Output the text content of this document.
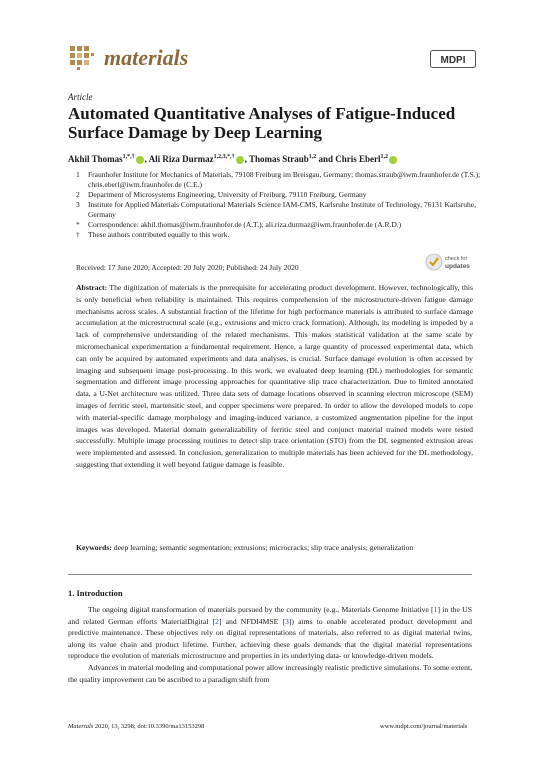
materials	MDPI
Article
Automated Quantitative Analyses of Fatigue-Induced Surface Damage by Deep Learning
Akhil Thomas$^{1,*,\dagger}$ , Ali Riza Durmaz$^{1,2,3,*,\dagger}$ , Thomas Straub$^{1,2}$ and Chris Eberl$^{1,2}$
1	Fraunhofer Institute for Mechanics of Materials, 79108 Freiburg im Breisgau, Germany; thomas.straub@iwm.fraunhofer.de (T.S.); chris.eberl@iwm.fraunhofer.de (C.E.)
2	Department of Microsystems Engineering, University of Freiburg, 79110 Freiburg, Germany
3	Institute for Applied Materials Computational Materials Science IAM-CMS, Karlsruhe Institute of Technology, 76131 Karlsruhe, Germany
*	Correspondence: akhil.thomas@iwm.fraunhofer.de (A.T.); ali.riza.durmaz@iwm.fraunhofer.de (A.R.D.)
†	These authors contributed equally to this work.
check for
updates
Received: 17 June 2020; Accepted: 20 July 2020; Published: 24 July 2020
Abstract: The digitization of materials is the prerequisite for accelerating product development. However, technologically, this is only beneficial when reliability is maintained. This requires comprehension of the microstructure-driven fatigue damage mechanisms across scales. A substantial fraction of the lifetime for high performance materials is attributed to surface damage accumulation at the microstructural scale (e.g., extrusions and micro crack formation). Although, its modeling is impeded by a lack of comprehensive understanding of the related mechanisms. This makes statistical validation at the same scale by micromechanical experimentation a fundamental requirement. Hence, a large quantity of processed experimental data, which can only be acquired by automated experiments and data analyses, is crucial. Surface damage evolution is often accessed by imaging and subsequent image post-processing. In this work, we evaluated deep learning (DL) methodologies for semantic segmentation and different image processing approaches for quantitative slip trace characterization. Due to limited annotated data, a U-Net architecture was utilized. Three data sets of damage locations observed in scanning electron microscope (SEM) images of ferritic steel, martensitic steel, and copper specimens were prepared. In order to allow the developed models to cope with material-specific damage morphology and imaging-induced variance, a customized augmentation pipeline for the input images was developed. Material domain generalizability of ferritic steel and conjunct material trained models were tested successfully. Multiple image processing routines to detect slip trace orientation (STO) from the DL segmented extrusion areas were implemented and assessed. In conclusion, generalization to multiple materials has been achieved for the DL methodology, suggesting that extending it well beyond fatigue damage is feasible.
Keywords: deep learning; semantic segmentation; extrusions; microcracks; slip trace analysis; generalization
1. Introduction

The ongoing digital transformation of materials pursued by the community (e.g., Materials Genome Initiative [1] in the US and related German efforts MaterialDigital [2] and NFDI4MSE [3]) aims to enable accelerated product development and predictive maintenance. These objectives rely on digital representations of materials, also referred to as digital material twins, along its value chain and product lifetime. Further, achieving these goals demands that the digital material representations reproduce the evolution of materials microstructure and properties in its underlying data- or knowledge-driven models.

Advances in material modeling and computational power allow increasingly realistic predictive simulations. To some extent, the quality improvement can be ascribed to a paradigm shift from

Materials 2020, 13, 3298; doi:10.3390/ma13153298	www.mdpi.com/journal/materials
